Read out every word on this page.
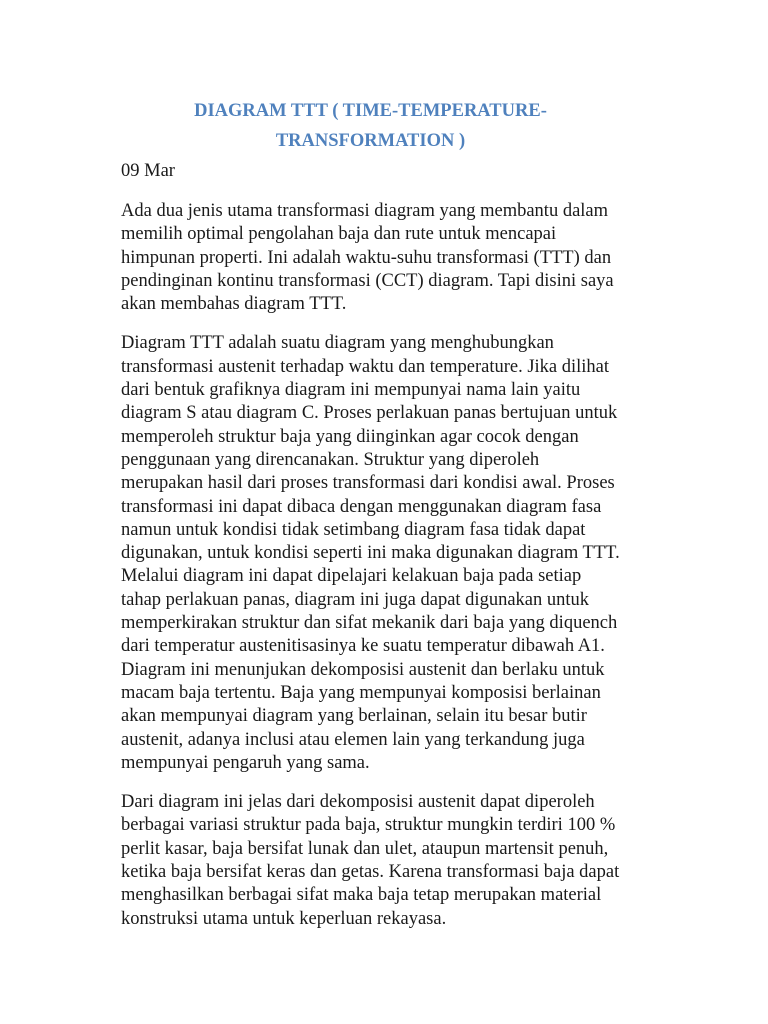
DIAGRAM TTT ( TIME-TEMPERATURE-
TRANSFORMATION )
09 Mar

Ada dua jenis utama transformasi diagram yang membantu dalam memilih optimal pengolahan baja dan rute untuk mencapai himpunan properti. Ini adalah waktu-suhu transformasi (TTT) dan pendinginan kontinu transformasi (CCT) diagram. Tapi disini saya akan membahas diagram TTT.

Diagram TTT adalah suatu diagram yang menghubungkan transformasi austenit terhadap waktu dan temperature. Jika dilihat dari bentuk grafiknya diagram ini mempunyai nama lain yaitu diagram S atau diagram C. Proses perlakuan panas bertujuan untuk memperoleh struktur baja yang diinginkan agar cocok dengan penggunaan yang direncanakan. Struktur yang diperoleh merupakan hasil dari proses transformasi dari kondisi awal. Proses transformasi ini dapat dibaca dengan menggunakan diagram fasa namun untuk kondisi tidak setimbang diagram fasa tidak dapat digunakan, untuk kondisi seperti ini maka digunakan diagram TTT. Melalui diagram ini dapat dipelajari kelakuan baja pada setiap tahap perlakuan panas, diagram ini juga dapat digunakan untuk memperkirakan struktur dan sifat mekanik dari baja yang diquench dari temperatur austenitisasinya ke suatu temperatur dibawah A1. Diagram ini menunjukan dekomposisi austenit dan berlaku untuk macam baja tertentu. Baja yang mempunyai komposisi berlainan akan mempunyai diagram yang berlainan, selain itu besar butir austenit, adanya inclusi atau elemen lain yang terkandung juga mempunyai pengaruh yang sama.

Dari diagram ini jelas dari dekomposisi austenit dapat diperoleh berbagai variasi struktur pada baja, struktur mungkin terdiri 100 % perlit kasar, baja bersifat lunak dan ulet, ataupun martensit penuh, ketika baja bersifat keras dan getas. Karena transformasi baja dapat menghasilkan berbagai sifat maka baja tetap merupakan material konstruksi utama untuk keperluan rekayasa.
